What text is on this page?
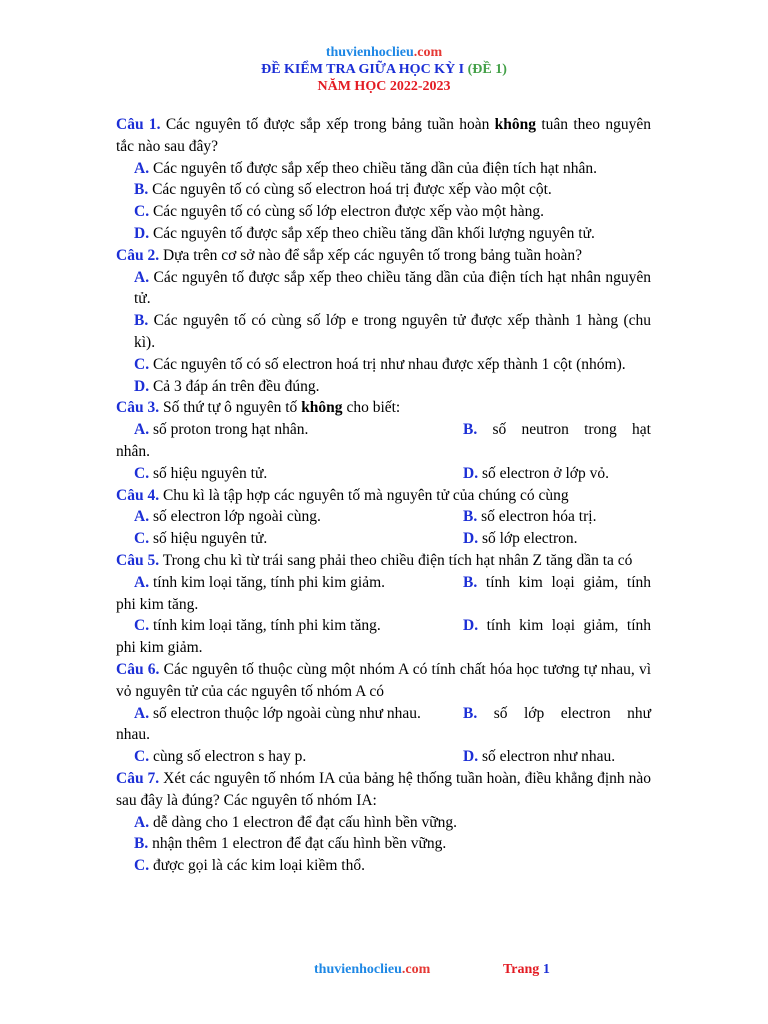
thuvienhoclieu.com
ĐỀ KIỂM TRA GIỮA HỌC KỲ I (ĐỀ 1)
NĂM HỌC 2022-2023

Câu 1. Các nguyên tố được sắp xếp trong bảng tuần hoàn không tuân theo nguyên tắc nào sau đây?

A. Các nguyên tố được sắp xếp theo chiều tăng dần của điện tích hạt nhân.

B. Các nguyên tố có cùng số electron hoá trị được xếp vào một cột.

C. Các nguyên tố có cùng số lớp electron được xếp vào một hàng.

D. Các nguyên tố được sắp xếp theo chiều tăng dần khối lượng nguyên tử.

Câu 2. Dựa trên cơ sở nào để sắp xếp các nguyên tố trong bảng tuần hoàn?

A. Các nguyên tố được sắp xếp theo chiều tăng dần của điện tích hạt nhân nguyên tử.

B. Các nguyên tố có cùng số lớp e trong nguyên tử được xếp thành 1 hàng (chu kì).

C. Các nguyên tố có số electron hoá trị như nhau được xếp thành 1 cột (nhóm).

D. Cả 3 đáp án trên đều đúng.

Câu 3. Số thứ tự ô nguyên tố không cho biết:

A. số proton trong hạt nhân.	B. số neutron trong hạt
nhân.
C. số hiệu nguyên tử.	D. số electron ở lớp vỏ.

Câu 4. Chu kì là tập hợp các nguyên tố mà nguyên tử của chúng có cùng

A. số electron lớp ngoài cùng.	B. số electron hóa trị.
C. số hiệu nguyên tử.	D. số lớp electron.

Câu 5. Trong chu kì từ trái sang phải theo chiều điện tích hạt nhân Z tăng dần ta có

A. tính kim loại tăng, tính phi kim giảm.	B. tính kim loại giảm, tính
phi kim tăng.
C. tính kim loại tăng, tính phi kim tăng.	D. tính kim loại giảm, tính
phi kim giảm.

Câu 6. Các nguyên tố thuộc cùng một nhóm A có tính chất hóa học tương tự nhau, vì vỏ nguyên tử của các nguyên tố nhóm A có

A. số electron thuộc lớp ngoài cùng như nhau.	B. số lớp electron như
nhau.
C. cùng số electron s hay p.	D. số electron như nhau.

Câu 7. Xét các nguyên tố nhóm IA của bảng hệ thống tuần hoàn, điều khẳng định nào sau đây là đúng? Các nguyên tố nhóm IA:

A. dễ dàng cho 1 electron để đạt cấu hình bền vững.

B. nhận thêm 1 electron để đạt cấu hình bền vững.

C. được gọi là các kim loại kiềm thổ.

thuvienhoclieu.com	Trang 1
